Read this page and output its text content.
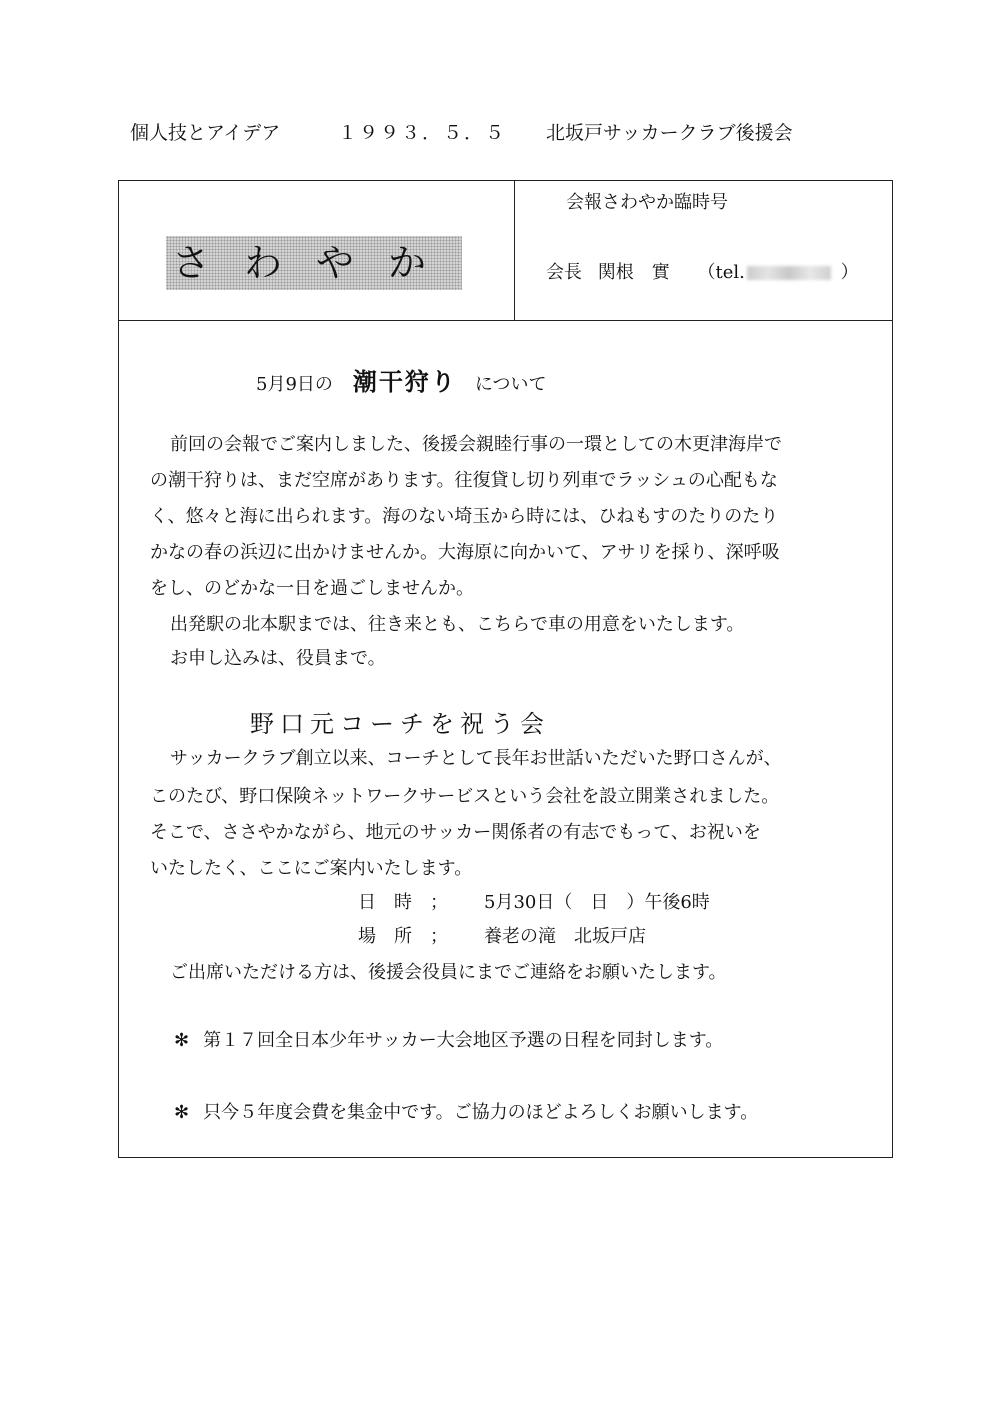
個人技とアイデア	１９９３．５．５ 北坂戸サッカークラブ後援会
さわやか
会報さわやか臨時号
会長 関根　實 （tel.	）
5月9日の 潮干狩り について
前回の会報でご案内しました、後援会親睦行事の一環としての木更津海岸で
の潮干狩りは、まだ空席があります。往復貸し切り列車でラッシュの心配もな
く、悠々と海に出られます。海のない埼玉から時には、ひねもすのたりのたり
かなの春の浜辺に出かけませんか。大海原に向かいて、アサリを採り、深呼吸
をし、のどかな一日を過ごしませんか。
出発駅の北本駅までは、往き来とも、こちらで車の用意をいたします。
お申し込みは、役員まで。
野口元コーチを祝う会
サッカークラブ創立以来、コーチとして長年お世話いただいた野口さんが、
このたび、野口保険ネットワークサービスという会社を設立開業されました。
そこで、ささやかながら、地元のサッカー関係者の有志でもって、お祝いを
いたしたく、ここにご案内いたします。
日　時　； 5月30日（　日　）午後6時
場　所　； 養老の滝　北坂戸店
ご出席いただける方は、後援会役員にまでご連絡をお願いたします。
✻ 第１７回全日本少年サッカー大会地区予選の日程を同封します。
✻ 只今５年度会費を集金中です。ご協力のほどよろしくお願いします。
